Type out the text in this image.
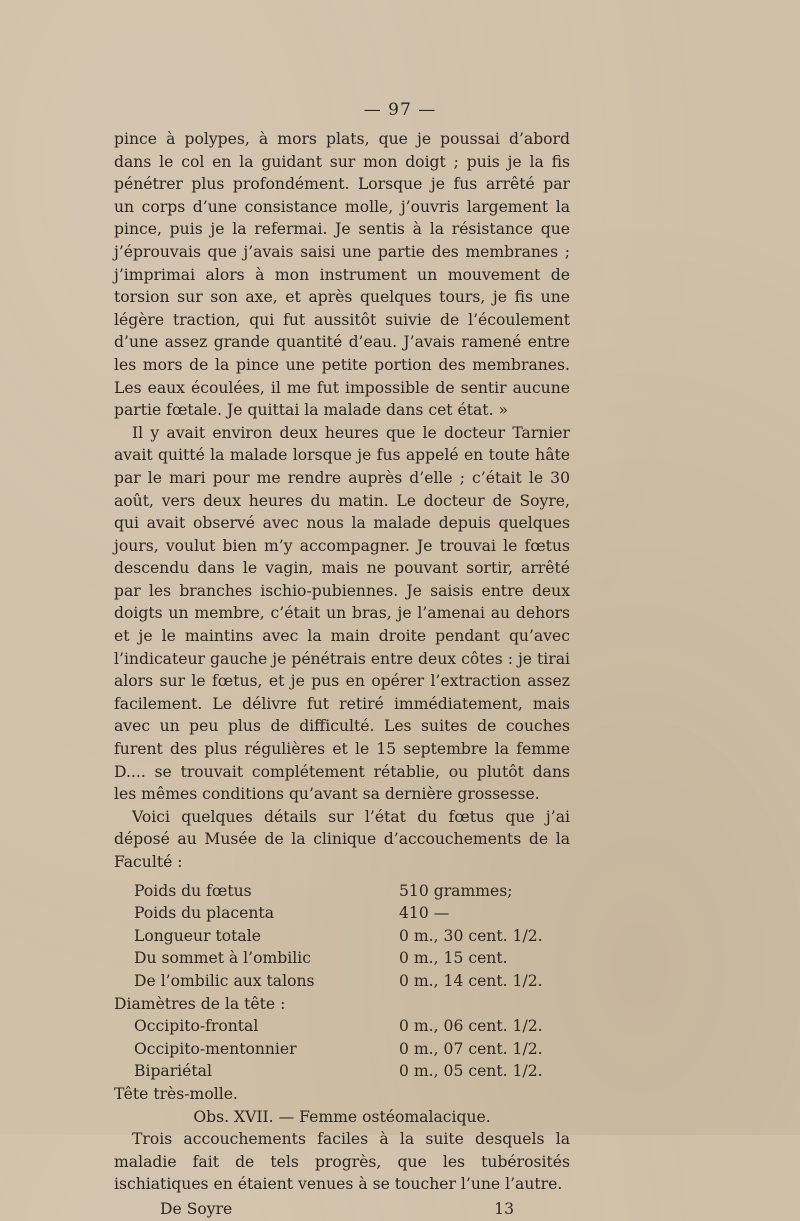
— 97 —

pince à polypes, à mors plats, que je poussai d’abord dans le col en la guidant sur mon doigt ; puis je la fis pénétrer plus profondément. Lorsque je fus arrêté par un corps d’une consistance molle, j’ouvris largement la pince, puis je la refermai. Je sentis à la résistance que j’éprouvais que j’avais saisi une partie des membranes ; j’imprimai alors à mon instrument un mouvement de torsion sur son axe, et après quelques tours, je fis une légère traction, qui fut aussitôt suivie de l’écoulement d’une assez grande quantité d’eau. J’avais ramené entre les mors de la pince une petite portion des membranes. Les eaux écoulées, il me fut impossible de sentir aucune partie fœtale. Je quittai la malade dans cet état. »

Il y avait environ deux heures que le docteur Tarnier avait quitté la malade lorsque je fus appelé en toute hâte par le mari pour me rendre auprès d’elle ; c’était le 30 août, vers deux heures du matin. Le docteur de Soyre, qui avait observé avec nous la malade depuis quelques jours, voulut bien m’y accompagner. Je trouvai le fœtus descendu dans le vagin, mais ne pouvant sortir, arrêté par les branches ischio-pubiennes. Je saisis entre deux doigts un membre, c’était un bras, je l’amenai au dehors et je le maintins avec la main droite pendant qu’avec l’indicateur gauche je pénétrais entre deux côtes : je tirai alors sur le fœtus, et je pus en opérer l’extraction assez facilement. Le délivre fut retiré immédiatement, mais avec un peu plus de difficulté. Les suites de couches furent des plus régulières et le 15 septembre la femme D.... se trouvait complétement rétablie, ou plutôt dans les mêmes conditions qu’avant sa dernière grossesse.

Voici quelques détails sur l’état du fœtus que j’ai déposé au Musée de la clinique d’accouchements de la Faculté :

Poids du fœtus	510 grammes;
Poids du placenta	410 —
Longueur totale	0 m., 30 cent. 1/2.
Du sommet à l’ombilic	0 m., 15 cent.
De l’ombilic aux talons	0 m., 14 cent. 1/2.
Diamètres de la tête :
Occipito-frontal	0 m., 06 cent. 1/2.
Occipito-mentonnier	0 m., 07 cent. 1/2.
Bipariétal	0 m., 05 cent. 1/2.
Tête très-molle.

Obs. XVII. — Femme ostéomalacique.

Trois accouchements faciles à la suite desquels la maladie fait de tels progrès, que les tubérosités ischiatiques en étaient venues à se toucher l’une l’autre.

De Soyre	13
